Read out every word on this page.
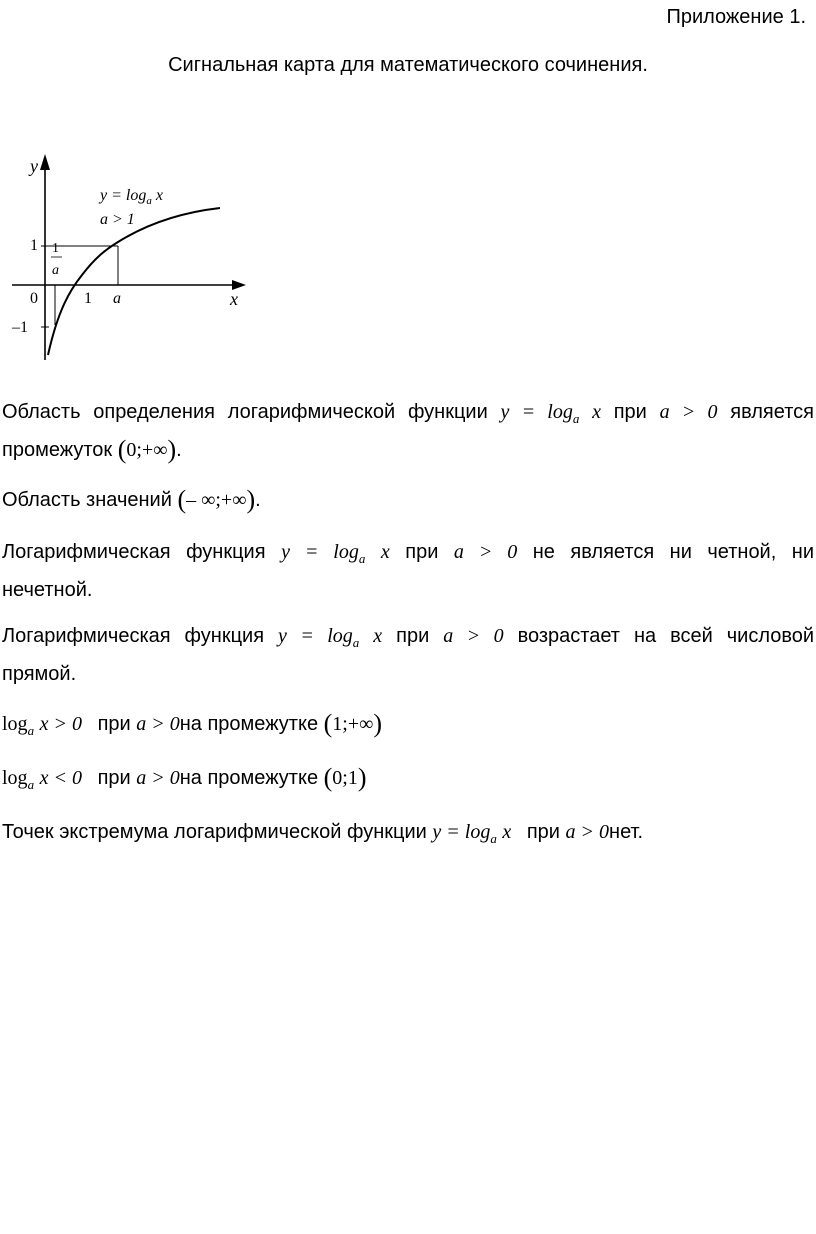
Приложение 1.
Сигнальная карта для математического сочинения.
y
x
$y = \log_a x$
a > 1
1 1
a
0	1 a
–1
Область определения логарифмической функции $y = \log_a x$ при a > 0 является
промежуток (0;+∞).
Область значений (– ∞;+∞).
Логарифмическая функция $y = \log_a x$ при a > 0 не является ни четной, ни
нечетной.
Логарифмическая функция $y = \log_a x$ при a > 0 возрастает на всей числовой
прямой.
$\log_a x > 0$ при a > 0на промежутке (1;+∞)
$\log_a x < 0$ при a > 0на промежутке (0;1)
Точек экстремума логарифмической функции $y = \log_a x$ при a > 0нет.
